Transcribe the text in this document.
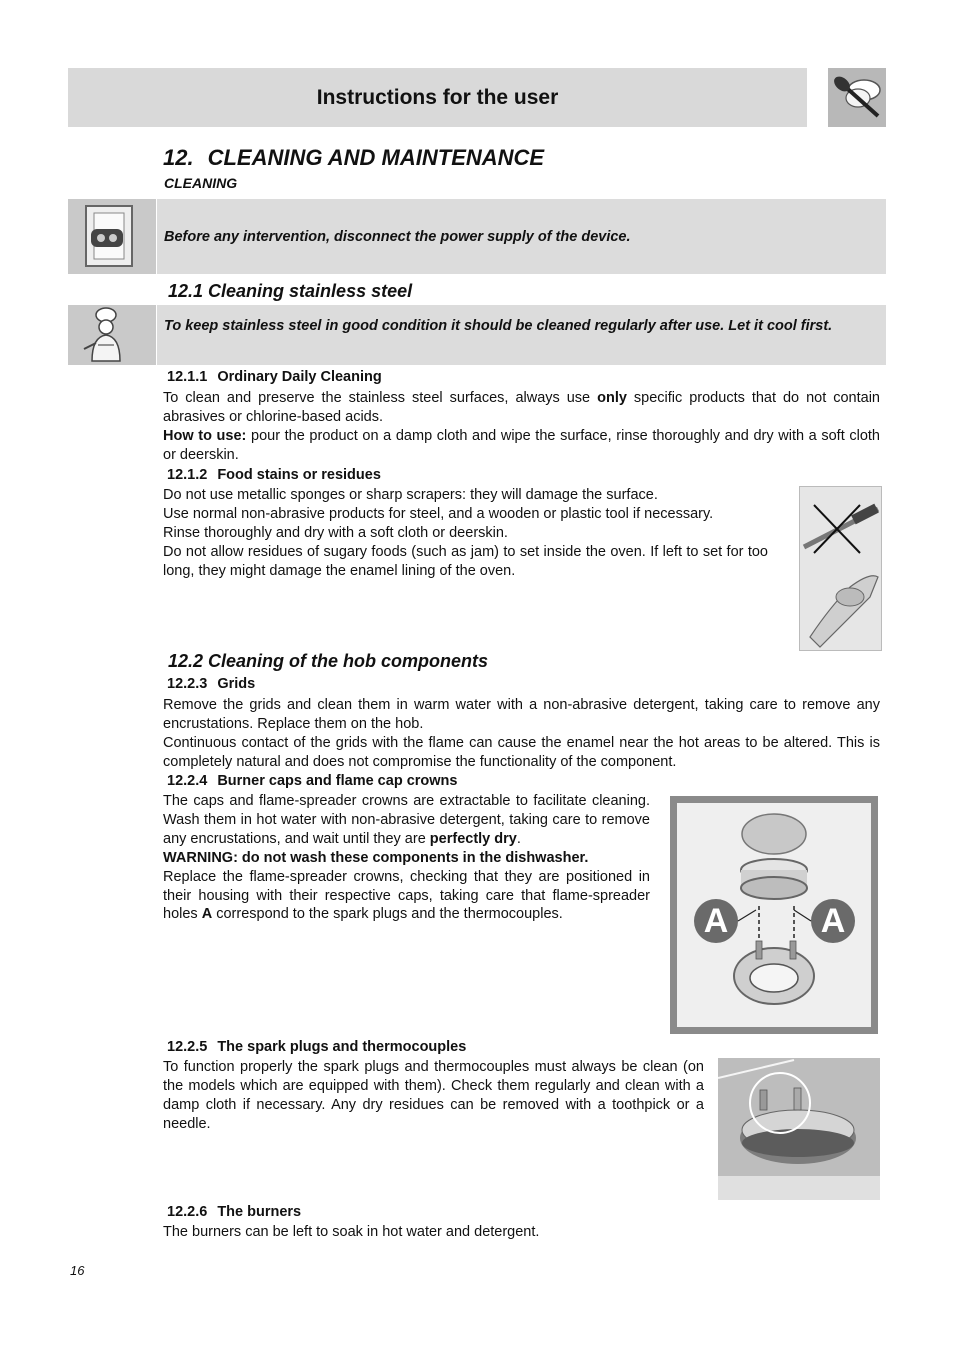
Instructions for the user
12. CLEANING AND MAINTENANCE
CLEANING
Before any intervention, disconnect the power supply of the device.
12.1 Cleaning stainless steel
To keep stainless steel in good condition it should be cleaned regularly after use. Let it cool first.
12.1.1 Ordinary Daily Cleaning

To clean and preserve the stainless steel surfaces, always use only specific products that do not contain abrasives or chlorine-based acids.

How to use: pour the product on a damp cloth and wipe the surface, rinse thoroughly and dry with a soft cloth or deerskin.

12.1.2 Food stains or residues

Do not use metallic sponges or sharp scrapers: they will damage the surface.

Use normal non-abrasive products for steel, and a wooden or plastic tool if necessary.

Rinse thoroughly and dry with a soft cloth or deerskin.

Do not allow residues of sugary foods (such as jam) to set inside the oven. If left to set for too long, they might damage the enamel lining of the oven.

12.2 Cleaning of the hob components
12.2.3 Grids

Remove the grids and clean them in warm water with a non-abrasive detergent, taking care to remove any encrustations. Replace them on the hob.

Continuous contact of the grids with the flame can cause the enamel near the hot areas to be altered. This is completely natural and does not compromise the functionality of the component.

12.2.4 Burner caps and flame cap crowns

The caps and flame-spreader crowns are extractable to facilitate cleaning. Wash them in hot water with non-abrasive detergent, taking care to remove any encrustations, and wait until they are perfectly dry.

WARNING: do not wash these components in the dishwasher.

Replace the flame-spreader crowns, checking that they are positioned in their housing with their respective caps, taking care that flame-spreader holes A correspond to the spark plugs and the thermocouples.	A	A
12.2.5 The spark plugs and thermocouples

To function properly the spark plugs and thermocouples must always be clean (on the models which are equipped with them). Check them regularly and clean with a damp cloth if necessary. Any dry residues can be removed with a toothpick or a needle.

12.2.6 The burners

The burners can be left to soak in hot water and detergent.

16
